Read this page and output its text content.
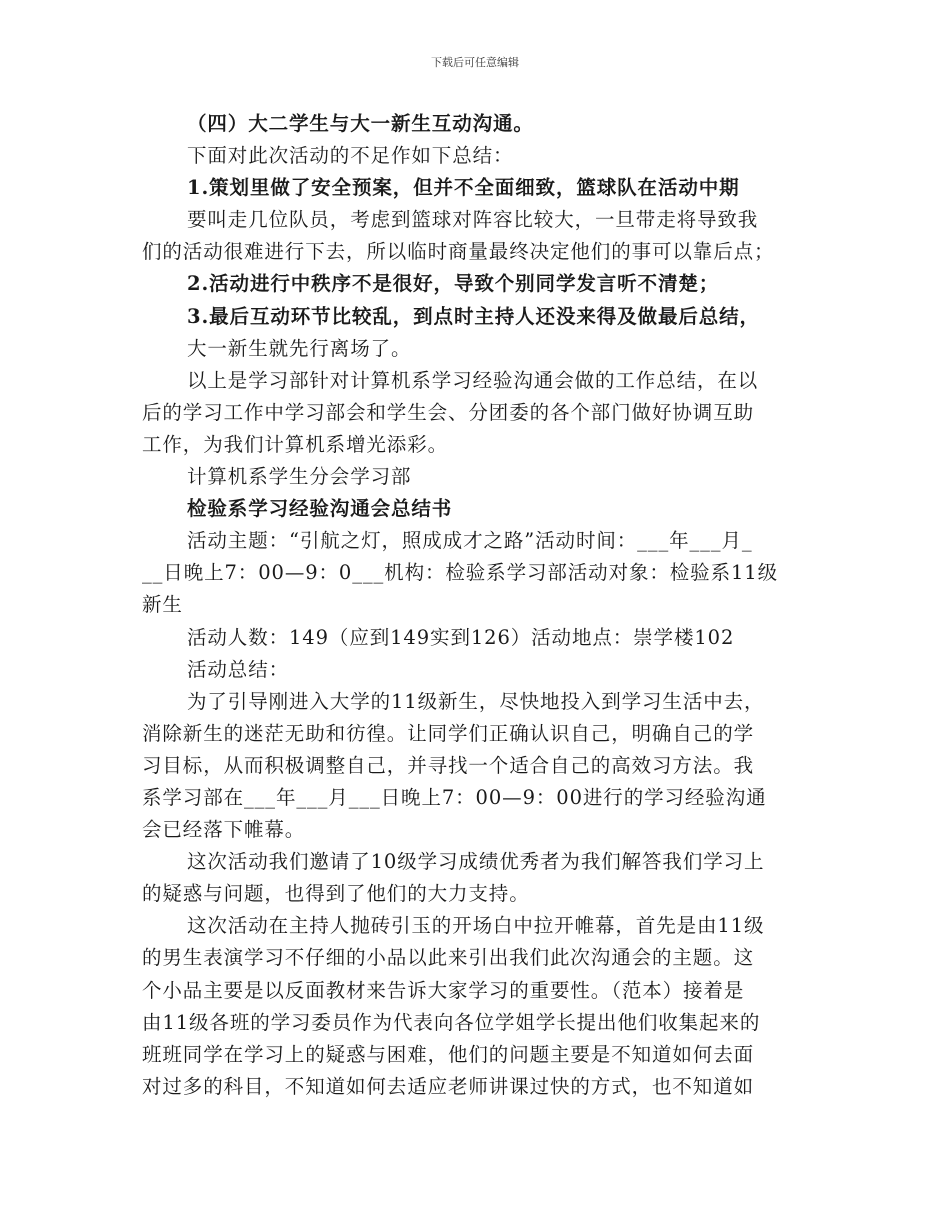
下载后可任意编辑
（四）大二学生与大一新生互动沟通。
下面对此次活动的不足作如下总结：
1.策划里做了安全预案，但并不全面细致，篮球队在活动中期
要叫走几位队员，考虑到篮球对阵容比较大，一旦带走将导致我
们的活动很难进行下去，所以临时商量最终决定他们的事可以靠后点；
2.活动进行中秩序不是很好，导致个别同学发言听不清楚；
3.最后互动环节比较乱，到点时主持人还没来得及做最后总结，
大一新生就先行离场了。
以上是学习部针对计算机系学习经验沟通会做的工作总结，在以
后的学习工作中学习部会和学生会、分团委的各个部门做好协调互助
工作，为我们计算机系增光添彩。
计算机系学生分会学习部
检验系学习经验沟通会总结书
活动主题：“引航之灯，照成成才之路”活动时间：___年___月_
__日晚上7：00—9：0___机构：检验系学习部活动对象：检验系11级
新生
活动人数：149（应到149实到126）活动地点：崇学楼102
活动总结：
为了引导刚进入大学的11级新生，尽快地投入到学习生活中去，
消除新生的迷茫无助和彷徨。让同学们正确认识自己，明确自己的学
习目标，从而积极调整自己，并寻找一个适合自己的高效习方法。我
系学习部在___年___月___日晚上7：00—9：00进行的学习经验沟通
会已经落下帷幕。
这次活动我们邀请了10级学习成绩优秀者为我们解答我们学习上
的疑惑与问题，也得到了他们的大力支持。
这次活动在主持人抛砖引玉的开场白中拉开帷幕，首先是由11级
的男生表演学习不仔细的小品以此来引出我们此次沟通会的主题。这
个小品主要是以反面教材来告诉大家学习的重要性。（范本）接着是
由11级各班的学习委员作为代表向各位学姐学长提出他们收集起来的
班班同学在学习上的疑惑与困难，他们的问题主要是不知道如何去面
对过多的科目，不知道如何去适应老师讲课过快的方式，也不知道如
